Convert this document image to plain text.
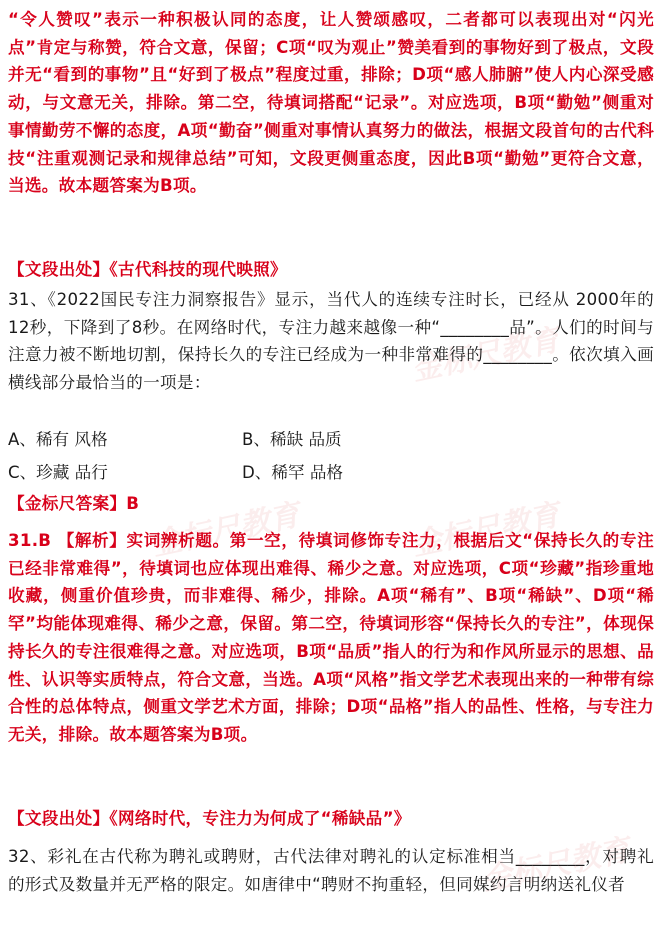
金标尺教育
金标尺教育	金标尺教育
金标尺教育

“令人赞叹”表示一种积极认同的态度，让人赞颂感叹，二者都可以表现出对“闪光点”肯定与称赞，符合文意，保留；C项“叹为观止”赞美看到的事物好到了极点，文段并无“看到的事物”且“好到了极点”程度过重，排除；D项“感人肺腑”使人内心深受感动，与文意无关，排除。第二空，待填词搭配“记录”。对应选项，B项“勤勉”侧重对事情勤劳不懈的态度，A项“勤奋”侧重对事情认真努力的做法，根据文段首句的古代科技“注重观测记录和规律总结”可知，文段更侧重态度，因此B项“勤勉”更符合文意，当选。故本题答案为B项。

【文段出处】《古代科技的现代映照》

31、《2022国民专注力洞察报告》显示，当代人的连续专注时长，已经从 2000年的12秒，下降到了8秒。在网络时代，专注力越来越像一种“________品”。人们的时间与注意力被不断地切割，保持长久的专注已经成为一种非常难得的________。依次填入画横线部分最恰当的一项是：

A、稀有 风格	B、稀缺 品质
C、珍藏 品行	D、稀罕 品格

【金标尺答案】B

31.B 【解析】实词辨析题。第一空，待填词修饰专注力，根据后文“保持长久的专注已经非常难得”，待填词也应体现出难得、稀少之意。对应选项，C项“珍藏”指珍重地收藏，侧重价值珍贵，而非难得、稀少，排除。A项“稀有”、B项“稀缺”、D项“稀罕”均能体现难得、稀少之意，保留。第二空，待填词形容“保持长久的专注”，体现保持长久的专注很难得之意。对应选项，B项“品质”指人的行为和作风所显示的思想、品性、认识等实质特点，符合文意，当选。A项“风格”指文学艺术表现出来的一种带有综合性的总体特点，侧重文学艺术方面，排除；D项“品格”指人的品性、性格，与专注力无关，排除。故本题答案为B项。

【文段出处】《网络时代，专注力为何成了“稀缺品”》

32、彩礼在古代称为聘礼或聘财，古代法律对聘礼的认定标准相当________，对聘礼的形式及数量并无严格的限定。如唐律中“聘财不拘重轻，但同媒约言明纳送礼仪者
